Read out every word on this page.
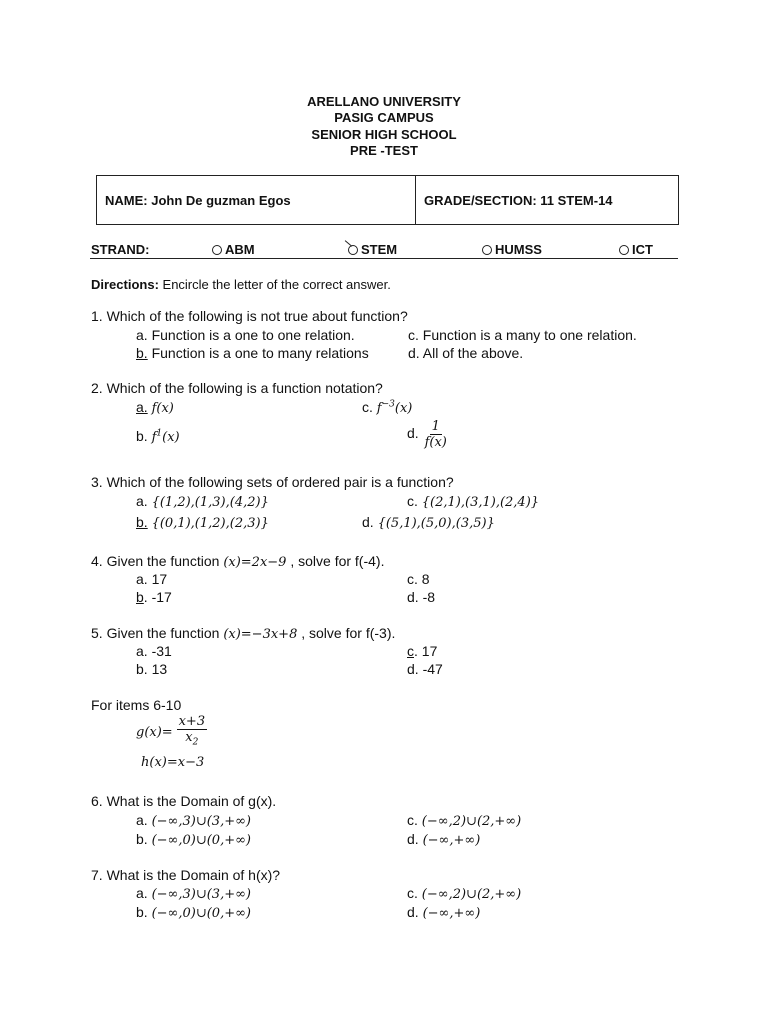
ARELLANO UNIVERSITY
PASIG CAMPUS
SENIOR HIGH SCHOOL
PRE -TEST
NAME: John De guzman Egos	GRADE/SECTION: 11 STEM-14
STRAND:	ABM	STEM	HUMSS	ICT
Directions: Encircle the letter of the correct answer.
1. Which of the following is not true about function?
a. Function is a one to one relation.	c. Function is a many to one relation.
b. Function is a one to many relations	d. All of the above.
2. Which of the following is a function notation?
a. f(x)	c. $f^{-3}(x)$
b. $f^1(x)$	d. $\frac{1}{f(x)}$
3. Which of the following sets of ordered pair is a function?
a. {(1,2),(1,3),(4,2)}	c. {(2,1),(3,1),(2,4)}
b. {(0,1),(1,2),(2,3)}	d. {(5,1),(5,0),(3,5)}
4. Given the function (x)=2x−9 , solve for f(-4).
a. 17	c. 8
b. -17	d. -8
5. Given the function (x)=−3x+8 , solve for f(-3).
a. -31	c. 17
b. 13	d. -47
For items 6-10
$g(x)= \frac{x+3}{x_2}$
h(x)=x−3
6. What is the Domain of g(x).
a. (−∞,3)∪(3,+∞)	c. (−∞,2)∪(2,+∞)
b. (−∞,0)∪(0,+∞)	d. (−∞,+∞)
7. What is the Domain of h(x)?
a. (−∞,3)∪(3,+∞)	c. (−∞,2)∪(2,+∞)
b. (−∞,0)∪(0,+∞)	d. (−∞,+∞)
